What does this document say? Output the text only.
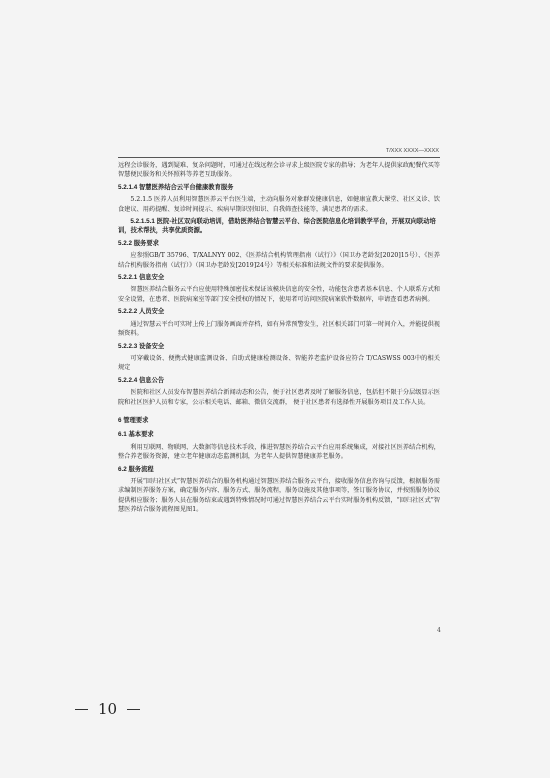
T/XXX XXXX—XXXX

远程会诊服务，遇到疑难、复杂问题时，可通过在线远程会诊寻求上级医院专家的指导；为老年人提供家政配餐代买等智慧便民服务和关怀照料等养老互助服务。

5.2.1.4 智慧医养结合云平台健康教育服务

5.2.1.5 医养人员利用智慧医养云平台医生端，主动向服务对象群发健康信息，如健康宣教大课堂、社区义诊、饮食建议、用药提醒、复诊时间提示、疾病早期识别知识、自我筛查技能等，满足患者的需求。

5.2.1.5.1 医院-社区双向联动培训，借助医养结合智慧云平台、综合医院信息化培训教学平台，开展双向联动培训，技术帮扶，共享优质资源。
5.2.2 服务要求

应参照GB/T 35796、T/XALNYY 002、《医养结合机构管理指南（试行）》（国卫办老龄发[2020]15号）、《医养结合机构服务指南（试行）》（国卫办老龄发[2019]24号）等相关标准和法规文件的要求提供服务。

5.2.2.1 信息安全

智慧医养结合服务云平台应使用特殊加密技术保证该模块信息的安全性，功能包含患者基本信息、个人联系方式和安全设置，在患者、医院病案室等部门安全授权的情况下，使用者可访问医院病案软件数据库，申请查看患者病例。

5.2.2.2 人员安全

通过智慧云平台可实时上传上门服务画面并存档，如有异常预警发生，社区相关部门可第一时间介入，并能提供视频资料。

5.2.2.3 设备安全

可穿戴设备、便携式健康监测设备、自助式健康检测设备、智能养老监护设备应符合 T/CASWSS 003中的相关规定

5.2.2.4 信息公告

医院和社区人员发布智慧医养结合新闻动态和公告，便于社区患者及时了解服务信息，包括但不限于分层级显示医院和社区医护人员和专家，公示相关电话、邮箱、微信交流群， 便于社区患者有选择性开展服务项目及工作人员。

6 管理要求
6.1 基本要求

利用互联网、物联网、大数据等信息技术手段，推进智慧医养结合云平台应用系统集成，对接社区医养结合机构，整合养老服务资源，建立老年健康动态监测机制，为老年人提供智慧健康养老服务。

6.2 服务流程

开展“回归社区式”智慧医养结合的服务机构通过智慧医养结合服务云平台，接收服务信息咨询与反馈，根据服务需求编制医养服务方案，确定服务内容、服务方式、服务流程，服务设施及其他事项等，签订服务协议，并按照服务协议提供相应服务；服务人员在服务结束或遇到特殊情况时可通过智慧医养结合云平台实时服务机构反馈，“回归社区式”智慧医养结合服务流程图见图1。

4
10
